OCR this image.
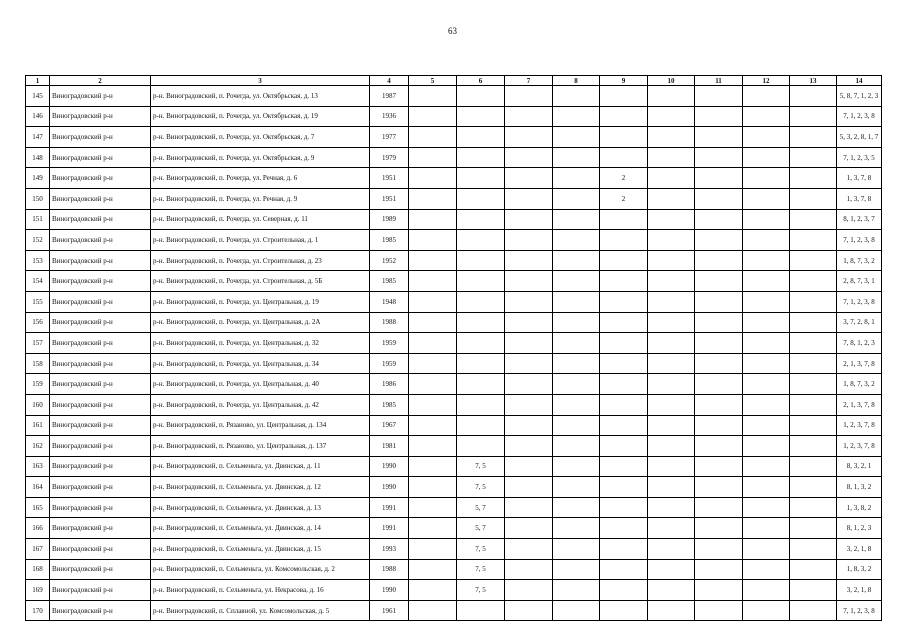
63
1	2	3	4	5	6	7	8	9	10	11	12	13	14
145	Виноградовский р-н	р-н. Виноградовский, п. Рочегда, ул. Октябрьская, д. 13	1987										5, 8, 7, 1, 2, 3
146	Виноградовский р-н	р-н. Виноградовский, п. Рочегда, ул. Октябрьская, д. 19	1936										7, 1, 2, 3, 8
147	Виноградовский р-н	р-н. Виноградовский, п. Рочегда, ул. Октябрьская, д. 7	1977										5, 3, 2, 8, 1, 7
148	Виноградовский р-н	р-н. Виноградовский, п. Рочегда, ул. Октябрьская, д. 9	1979										7, 1, 2, 3, 5
149	Виноградовский р-н	р-н. Виноградовский, п. Рочегда, ул. Речная, д. 6	1951					2					1, 3, 7, 8
150	Виноградовский р-н	р-н. Виноградовский, п. Рочегда, ул. Речная, д. 9	1951					2					1, 3, 7, 8
151	Виноградовский р-н	р-н. Виноградовский, п. Рочегда, ул. Северная, д. 11	1989										8, 1, 2, 3, 7
152	Виноградовский р-н	р-н. Виноградовский, п. Рочегда, ул. Строительная, д. 1	1985										7, 1, 2, 3, 8
153	Виноградовский р-н	р-н. Виноградовский, п. Рочегда, ул. Строительная, д. 23	1952										1, 8, 7, 3, 2
154	Виноградовский р-н	р-н. Виноградовский, п. Рочегда, ул. Строительная, д. 5Б	1985										2, 8, 7, 3, 1
155	Виноградовский р-н	р-н. Виноградовский, п. Рочегда, ул. Центральная, д. 19	1948										7, 1, 2, 3, 8
156	Виноградовский р-н	р-н. Виноградовский, п. Рочегда, ул. Центральная, д. 2А	1988										3, 7, 2, 8, 1
157	Виноградовский р-н	р-н. Виноградовский, п. Рочегда, ул. Центральная, д. 32	1959										7, 8, 1, 2, 3
158	Виноградовский р-н	р-н. Виноградовский, п. Рочегда, ул. Центральная, д. 34	1959										2, 1, 3, 7, 8
159	Виноградовский р-н	р-н. Виноградовский, п. Рочегда, ул. Центральная, д. 40	1986										1, 8, 7, 3, 2
160	Виноградовский р-н	р-н. Виноградовский, п. Рочегда, ул. Центральная, д. 42	1985										2, 1, 3, 7, 8
161	Виноградовский р-н	р-н. Виноградовский, п. Рязаново, ул. Центральная, д. 134	1967										1, 2, 3, 7, 8
162	Виноградовский р-н	р-н. Виноградовский, п. Рязаново, ул. Центральная, д. 137	1981										1, 2, 3, 7, 8
163	Виноградовский р-н	р-н. Виноградовский, п. Сельменьга, ул. Двинская, д. 11	1990		7, 5								8, 3, 2, 1
164	Виноградовский р-н	р-н. Виноградовский, п. Сельменьга, ул. Двинская, д. 12	1990		7, 5								8, 1, 3, 2
165	Виноградовский р-н	р-н. Виноградовский, п. Сельменьга, ул. Двинская, д. 13	1991		5, 7								1, 3, 8, 2
166	Виноградовский р-н	р-н. Виноградовский, п. Сельменьга, ул. Двинская, д. 14	1991		5, 7								8, 1, 2, 3
167	Виноградовский р-н	р-н. Виноградовский, п. Сельменьга, ул. Двинская, д. 15	1993		7, 5								3, 2, 1, 8
168	Виноградовский р-н	р-н. Виноградовский, п. Сельменьга, ул. Комсомольская, д. 2	1988		7, 5								1, 8, 3, 2
169	Виноградовский р-н	р-н. Виноградовский, п. Сельменьга, ул. Некрасова, д. 16	1990		7, 5								3, 2, 1, 8
170	Виноградовский р-н	р-н. Виноградовский, п. Сплавной, ул. Комсомольская, д. 5	1961										7, 1, 2, 3, 8
